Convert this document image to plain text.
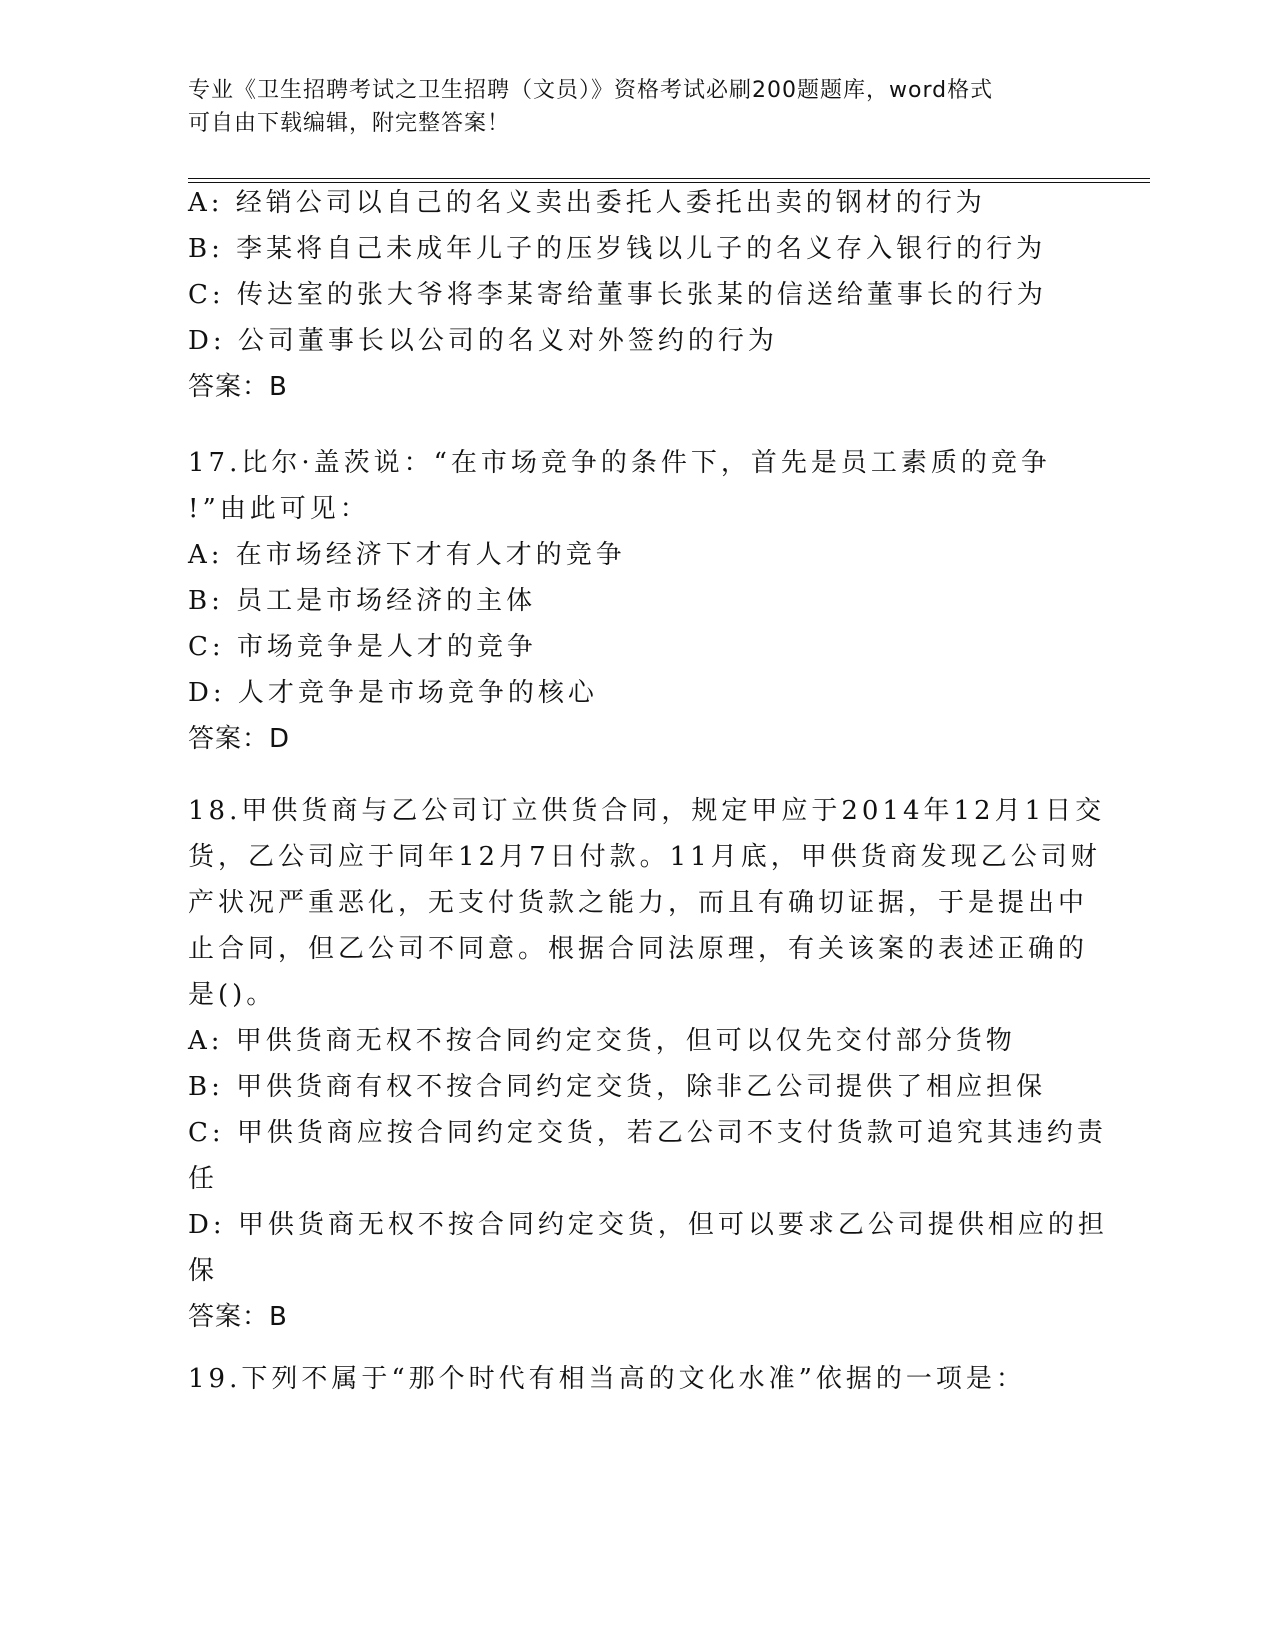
专业《卫生招聘考试之卫生招聘（文员）》资格考试必刷200题题库，word格式
可自由下载编辑，附完整答案！
A: 经销公司以自己的名义卖出委托人委托出卖的钢材的行为
B: 李某将自己未成年儿子的压岁钱以儿子的名义存入银行的行为
C: 传达室的张大爷将李某寄给董事长张某的信送给董事长的行为
D: 公司董事长以公司的名义对外签约的行为
答案：B
17.比尔·盖茨说：“在市场竞争的条件下，首先是员工素质的竞争
!”由此可见：
A: 在市场经济下才有人才的竞争
B: 员工是市场经济的主体
C: 市场竞争是人才的竞争
D: 人才竞争是市场竞争的核心
答案：D
18.甲供货商与乙公司订立供货合同，规定甲应于2014年12月1日交
货，乙公司应于同年12月7日付款。11月底，甲供货商发现乙公司财
产状况严重恶化，无支付货款之能力，而且有确切证据，于是提出中
止合同，但乙公司不同意。根据合同法原理，有关该案的表述正确的
是()。
A: 甲供货商无权不按合同约定交货，但可以仅先交付部分货物
B: 甲供货商有权不按合同约定交货，除非乙公司提供了相应担保
C: 甲供货商应按合同约定交货，若乙公司不支付货款可追究其违约责
任
D: 甲供货商无权不按合同约定交货，但可以要求乙公司提供相应的担
保
答案：B
19.下列不属于“那个时代有相当高的文化水准”依据的一项是：
